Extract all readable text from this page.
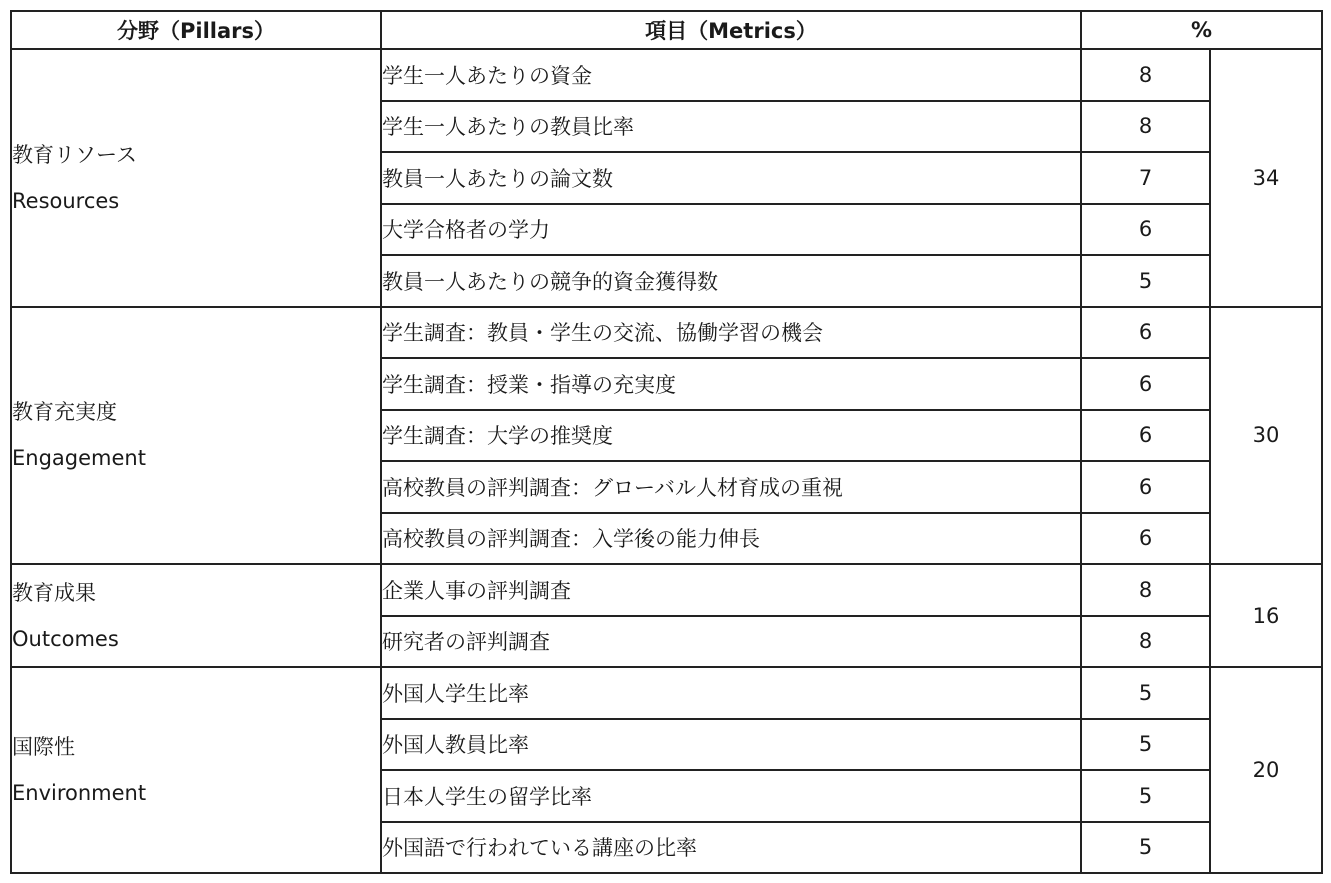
分野（Pillars）	項目（Metrics）	%	

教育リソース
Resources	学生一人あたりの資金	8	34
	学生一人あたりの教員比率	8	
	教員一人あたりの論文数	7	
	大学合格者の学力	6	
	教員一人あたりの競争的資金獲得数	5	

教育充実度
Engagement	学生調査：教員・学生の交流、協働学習の機会	6	30
	学生調査：授業・指導の充実度	6	
	学生調査：大学の推奨度	6	
	高校教員の評判調査：グローバル人材育成の重視	6	
	高校教員の評判調査：入学後の能力伸長	6	

教育成果
Outcomes	企業人事の評判調査	8	16
	研究者の評判調査	8	

国際性
Environment	外国人学生比率	5	20
	外国人教員比率	5	
	日本人学生の留学比率	5	
	外国語で行われている講座の比率	5	
